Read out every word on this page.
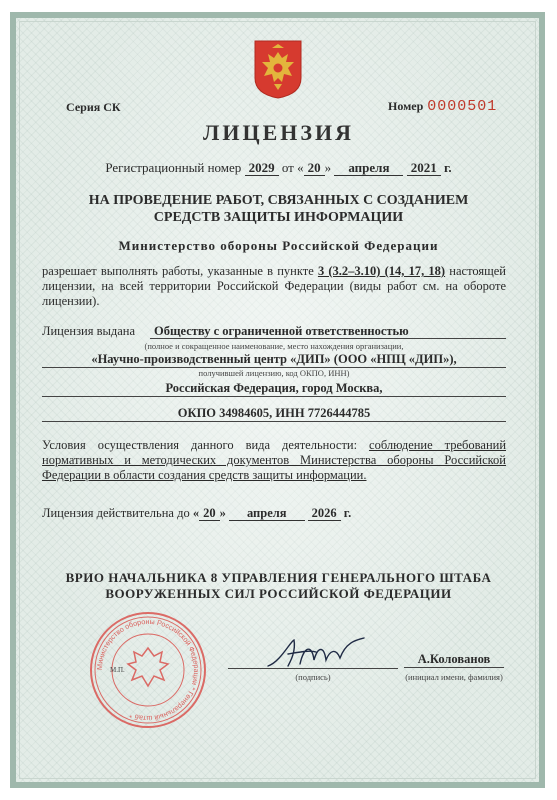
Серия СК	Номер 0000501
ЛИЦЕНЗИЯ
Регистрационный номер 2029 от « 20 » апреля 2021 г.
НА ПРОВЕДЕНИЕ РАБОТ, СВЯЗАННЫХ С СОЗДАНИЕМ
СРЕДСТВ ЗАЩИТЫ ИНФОРМАЦИИ
Министерство обороны Российской Федерации
разрешает выполнять работы, указанные в пункте 3 (3.2–3.10) (14, 17, 18) настоящей лицензии, на всей территории Российской Федерации (виды работ см. на обороте лицензии).
Лицензия выдана	Обществу с ограниченной ответственностью
(полное и сокращенное наименование, место нахождения организации,
«Научно-производственный центр «ДИП» (ООО «НПЦ «ДИП»),
получившей лицензию, код ОКПО, ИНН)
Российская Федерация, город Москва,
ОКПО 34984605, ИНН 7726444785
Условия осуществления данного вида деятельности: соблюдение требований нормативных и методических документов Министерства обороны Российской Федерации в области создания средств защиты информации.
Лицензия действительна до « 20 » апреля 2026 г.
ВРИО НАЧАЛЬНИКА 8 УПРАВЛЕНИЯ ГЕНЕРАЛЬНОГО ШТАБА
ВООРУЖЕННЫХ СИЛ РОССИЙСКОЙ ФЕДЕРАЦИИ
Министерство обороны Российской Федерации * Генеральный штаб *
М.П.
(подпись)
А.Колованов
(инициал имени, фамилия)
